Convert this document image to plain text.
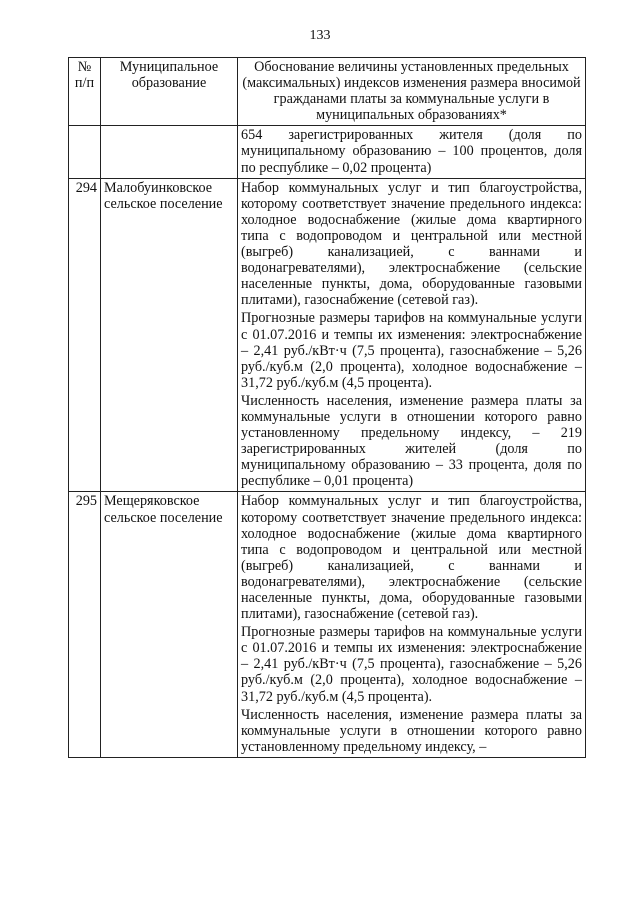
133
№ п/п	Муниципальное образование	Обоснование величины установленных предельных (максимальных) индексов изменения размера вносимой гражданами платы за коммунальные услуги в муниципальных образованиях*

		654 зарегистрированных жителя (доля по муниципальному образованию – 100 процентов, доля по республике – 0,02 процента)

294	Малобуинковское сельское поселение	Набор коммунальных услуг и тип благоустройства, которому соответствует значение предельного индекса: холодное водоснабжение (жилые дома квартирного типа с водопроводом и центральной или местной (выгреб) канализацией, с ваннами и водонагревателями), электроснабжение (сельские населенные пункты, дома, оборудованные газовыми плитами), газоснабжение (сетевой газ).
Прогнозные размеры тарифов на коммунальные услуги с 01.07.2016 и темпы их изменения: электроснабжение – 2,41 руб./кВт·ч (7,5 процента), газоснабжение – 5,26 руб./куб.м (2,0 процента), холодное водоснабжение – 31,72 руб./куб.м (4,5 процента).
Численность населения, изменение размера платы за коммунальные услуги в отношении которого равно установленному предельному индексу, – 219 зарегистрированных жителей (доля по муниципальному образованию – 33 процента, доля по республике – 0,01 процента)

295	Мещеряковское сельское поселение	Набор коммунальных услуг и тип благоустройства, которому соответствует значение предельного индекса: холодное водоснабжение (жилые дома квартирного типа с водопроводом и центральной или местной (выгреб) канализацией, с ваннами и водонагревателями), электроснабжение (сельские населенные пункты, дома, оборудованные газовыми плитами), газоснабжение (сетевой газ).
Прогнозные размеры тарифов на коммунальные услуги с 01.07.2016 и темпы их изменения: электроснабжение – 2,41 руб./кВт·ч (7,5 процента), газоснабжение – 5,26 руб./куб.м (2,0 процента), холодное водоснабжение – 31,72 руб./куб.м (4,5 процента).
Численность населения, изменение размера платы за коммунальные услуги в отношении которого равно установленному предельному индексу, –
